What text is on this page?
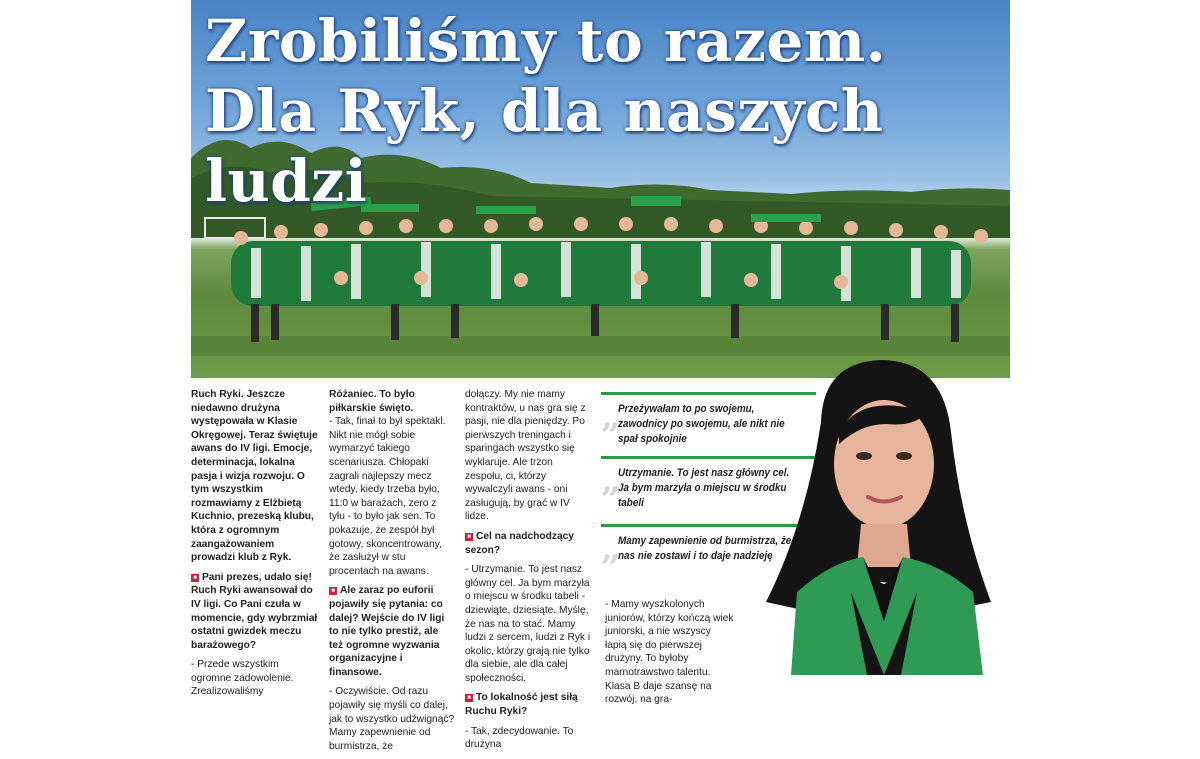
Zrobiliśmy to razem.
Dla Ryk, dla naszych ludzi

Ruch Ryki. Jeszcze niedawno drużyna występowała w Klasie Okręgowej. Teraz świętuje awans do IV ligi. Emocje, determinacja, lokalna pasja i wizja rozwoju. O tym wszystkim rozmawiamy z Elżbietą Kuchnio, prezeską klubu, która z ogromnym zaangażowaniem prowadzi klub z Ryk.

■ Pani prezes, udało się! Ruch Ryki awansował do IV ligi. Co Pani czuła w momencie, gdy wybrzmiał ostatni gwizdek meczu barażowego?

- Przede wszystkim ogromne zadowolenie. Zrealizowaliśmy

Różaniec. To było piłkarskie święto.
- Tak, finał to był spektakl. Nikt nie mógł sobie wymarzyć takiego scenariusza. Chłopaki zagrali najlepszy mecz wtedy, kiedy trzeba było. 11:0 w barażach, zero z tyłu - to było jak sen. To pokazuje, że zespół był gotowy, skoncentrowany, że zasłużył w stu procentach na awans.

■ Ale zaraz po euforii pojawiły się pytania: co dalej? Wejście do IV ligi to nie tylko prestiż, ale też ogromne wyzwania organizacyjne i finansowe.

- Oczywiście. Od razu pojawiły się myśli co dalej, jak to wszystko udźwignąć? Mamy zapewnienie od burmistrza, że

dołączy. My nie mamy kontraktów, u nas gra się z pasji, nie dla pieniędzy. Po pierwszych treningach i sparingach wszystko się wyklaruje. Ale trzon zespołu, ci, którzy wywalczyli awans - oni zasługują, by grać w IV lidze.

■ Cel na nadchodzący sezon?

- Utrzymanie. To jest nasz główny cel. Ja bym marzyła o miejscu w środku tabeli - dziewiąte, dziesiąte. Myślę, że nas na to stać. Mamy ludzi z sercem, ludzi z Ryk i okolic, którzy grają nie tylko dla siebie, ale dla całej społeczności.

■ To lokalność jest siłą Ruchu Ryki?

- Tak, zdecydowanie. To drużyna

„
Przeżywałam to po swojemu, zawodnicy po swojemu, ale nikt nie spał spokojnie
„
Utrzymanie. To jest nasz główny cel. Ja bym marzyła o miejscu w środku tabeli
„
Mamy zapewnienie od burmistrza, że nas nie zostawi i to daje nadzieję

- Mamy wyszkolonych juniorów, którzy kończą wiek juniorski, a nie wszyscy łapią się do pierwszej drużyny. To byłoby marnotrawstwo talentu. Klasa B daje szansę na rozwój, na gra-
